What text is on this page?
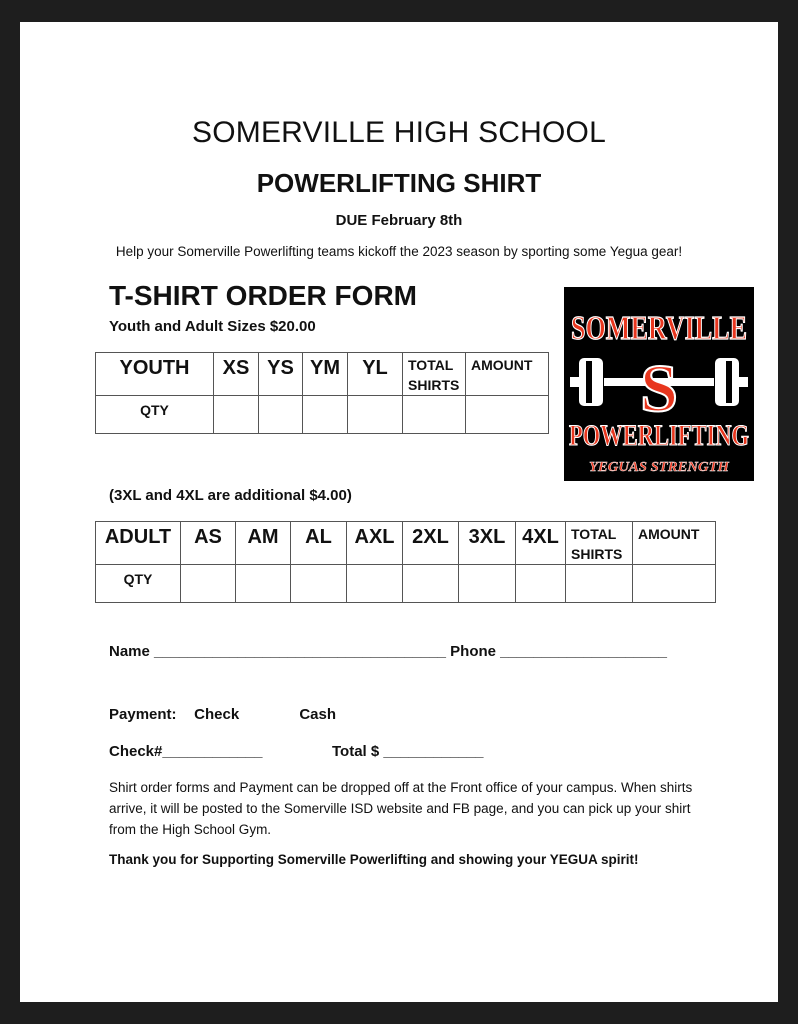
SOMERVILLE HIGH SCHOOL
POWERLIFTING SHIRT
DUE February 8th
Help your Somerville Powerlifting teams kickoff the 2023 season by sporting some Yegua gear!
T-SHIRT ORDER FORM
Youth and Adult Sizes $20.00
YOUTH	XS	YS	YM	YL	TOTAL SHIRTS	AMOUNT
QTY						
SOMERVILLE
S
POWERLIFTING
YEGUAS STRENGTH
(3XL and 4XL are additional $4.00)
ADULT	AS	AM	AL	AXL	2XL	3XL	4XL	TOTAL SHIRTS	AMOUNT
QTY									
Name ___________________________________ Phone ____________________
Payment: Check	Cash
Check#____________	Total $ ____________
Shirt order forms and Payment can be dropped off at the Front office of your campus. When shirts arrive, it will be posted to the Somerville ISD website and FB page, and you can pick up your shirt from the High School Gym.
Thank you for Supporting Somerville Powerlifting and showing your YEGUA spirit!
